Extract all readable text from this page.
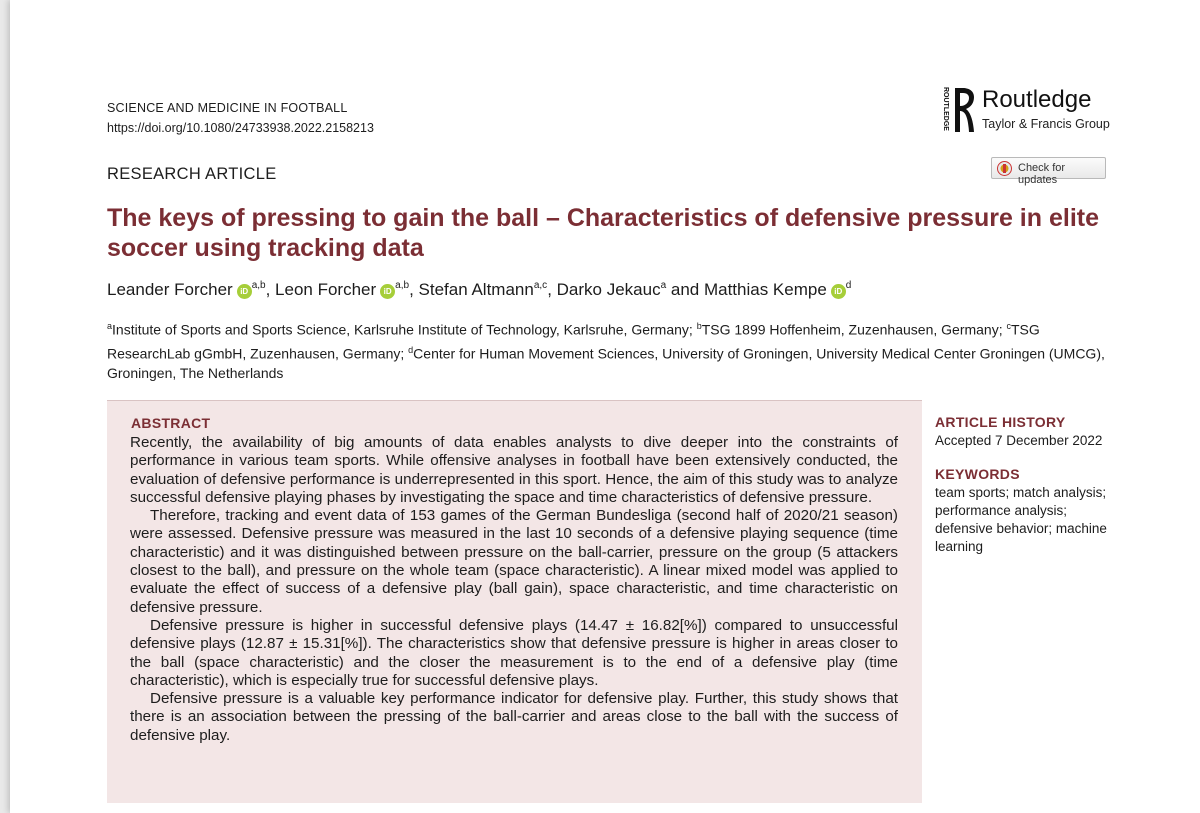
SCIENCE AND MEDICINE IN FOOTBALL
https://doi.org/10.1080/24733938.2022.2158213	ROUTLEDGE Routledge
Taylor & Francis Group
Check for updates
RESEARCH ARTICLE
The keys of pressing to gain the ball – Characteristics of defensive pressure in elite soccer using tracking data
Leander Forcher iD$^{a,b}$, Leon Forcher iD$^{a,b}$, Stefan Altmann$^{a,c}$, Darko Jekauc$^a$ and Matthias Kempe $iD^d$
$^a$Institute of Sports and Sports Science, Karlsruhe Institute of Technology, Karlsruhe, Germany; $^b$TSG 1899 Hoffenheim, Zuzenhausen, Germany; $^c$TSG ResearchLab gGmbH, Zuzenhausen, Germany; $^d$Center for Human Movement Sciences, University of Groningen, University Medical Center Groningen (UMCG), Groningen, The Netherlands
ABSTRACT

Recently, the availability of big amounts of data enables analysts to dive deeper into the constraints of performance in various team sports. While offensive analyses in football have been extensively conducted, the evaluation of defensive performance is underrepresented in this sport. Hence, the aim of this study was to analyze successful defensive playing phases by investigating the space and time characteristics of defensive pressure.

Therefore, tracking and event data of 153 games of the German Bundesliga (second half of 2020/21 season) were assessed. Defensive pressure was measured in the last 10 seconds of a defensive playing sequence (time characteristic) and it was distinguished between pressure on the ball-carrier, pressure on the group (5 attackers closest to the ball), and pressure on the whole team (space characteristic). A linear mixed model was applied to evaluate the effect of success of a defensive play (ball gain), space characteristic, and time characteristic on defensive pressure.

Defensive pressure is higher in successful defensive plays (14.47 ± 16.82[%]) compared to unsuccessful defensive plays (12.87 ± 15.31[%]). The characteristics show that defensive pressure is higher in areas closer to the ball (space characteristic) and the closer the measurement is to the end of a defensive play (time characteristic), which is especially true for successful defensive plays.

Defensive pressure is a valuable key performance indicator for defensive play. Further, this study shows that there is an association between the pressing of the ball-carrier and areas close to the ball with the success of defensive play.

ARTICLE HISTORY
Accepted 7 December 2022
KEYWORDS
team sports; match analysis; performance analysis; defensive behavior; machine learning
